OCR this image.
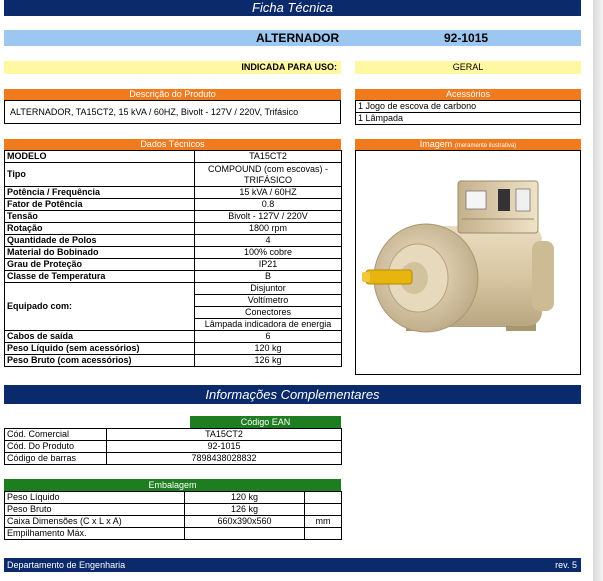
Ficha Técnica
ALTERNADOR	92-1015
INDICADA PARA USO:	GERAL
Descrição do Produto
ALTERNADOR, TA15CT2, 15 kVA / 60HZ, Bivolt - 127V / 220V, Trifásico
Acessórios
1 Jogo de escova de carbono
1 Lâmpada
Dados Técnicos
MODELO	TA15CT2
Tipo	COMPOUND (com escovas) - TRIFÁSICO
Potência / Frequência	15 kVA / 60HZ
Fator de Potência	0.8
Tensão	Bivolt - 127V / 220V
Rotação	1800 rpm
Quantidade de Polos	4
Material do Bobinado	100% cobre
Grau de Proteção	IP21
Classe de Temperatura	B
Equipado com:	Disjuntor
	Voltímetro
	Conectores
	Lâmpada indicadora de energia
Cabos de saída	6
Peso Líquido (sem acessórios)	120 kg
Peso Bruto (com acessórios)	126 kg
Imagem (meramente ilustrativa)
Informações Complementares
Código EAN
Cód. Comercial	TA15CT2
Cód. Do Produto	92-1015
Código de barras	7898438028832
Embalagem
Peso Líquido	120 kg	
Peso Bruto	126 kg	
Caixa Dimensões (C x L x A)	660x390x560	mm
Empilhamento Máx.		
Departamento de Engenharia	rev. 5
